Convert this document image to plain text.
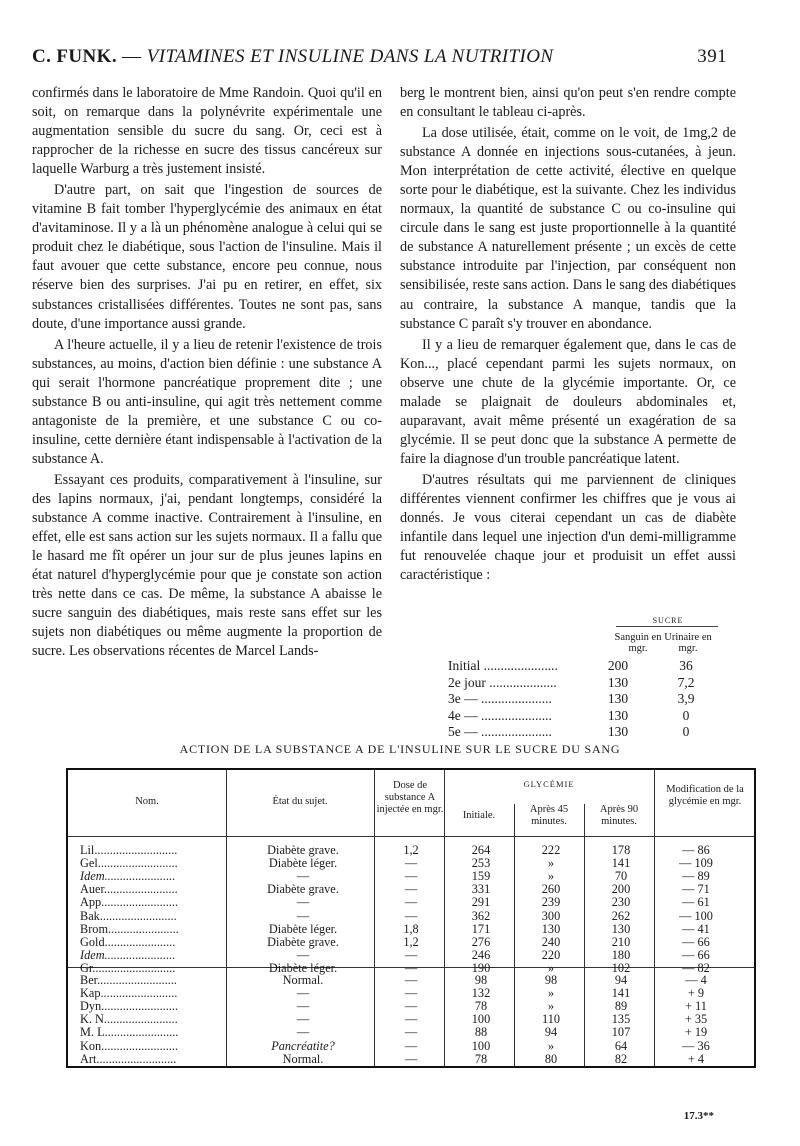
C. FUNK. — VITAMINES ET INSULINE DANS LA NUTRITION	391

confirmés dans le laboratoire de Mme Randoin. Quoi qu'il en soit, on remarque dans la polynévrite expérimentale une augmentation sensible du sucre du sang. Or, ceci est à rapprocher de la richesse en sucre des tissus cancéreux sur laquelle Warburg a très justement insisté.

D'autre part, on sait que l'ingestion de sources de vitamine B fait tomber l'hyperglycémie des animaux en état d'avitaminose. Il y a là un phénomène analogue à celui qui se produit chez le diabétique, sous l'action de l'insuline. Mais il faut avouer que cette substance, encore peu connue, nous réserve bien des surprises. J'ai pu en retirer, en effet, six substances cristallisées différentes. Toutes ne sont pas, sans doute, d'une importance aussi grande.

A l'heure actuelle, il y a lieu de retenir l'existence de trois substances, au moins, d'action bien définie : une substance A qui serait l'hormone pancréatique proprement dite ; une substance B ou anti-insuline, qui agit très nettement comme antagoniste de la première, et une substance C ou co-insuline, cette dernière étant indispensable à l'activation de la substance A.

Essayant ces produits, comparativement à l'insuline, sur des lapins normaux, j'ai, pendant longtemps, considéré la substance A comme inactive. Contrairement à l'insuline, en effet, elle est sans action sur les sujets normaux. Il a fallu que le hasard me fît opérer un jour sur de plus jeunes lapins en état naturel d'hyperglycémie pour que je constate son action très nette dans ce cas. De même, la substance A abaisse le sucre sanguin des diabétiques, mais reste sans effet sur les sujets non diabétiques ou même augmente la proportion de sucre. Les observations récentes de Marcel Lands-

berg le montrent bien, ainsi qu'on peut s'en rendre compte en consultant le tableau ci-après.

La dose utilisée, était, comme on le voit, de 1mg,2 de substance A donnée en injections sous-cutanées, à jeun. Mon interprétation de cette activité, élective en quelque sorte pour le diabétique, est la suivante. Chez les individus normaux, la quantité de substance C ou co-insuline qui circule dans le sang est juste proportionnelle à la quantité de substance A naturellement présente ; un excès de cette substance introduite par l'injection, par conséquent non sensibilisée, reste sans action. Dans le sang des diabétiques au contraire, la substance A manque, tandis que la substance C paraît s'y trouver en abondance.

Il y a lieu de remarquer également que, dans le cas de Kon..., placé cependant parmi les sujets normaux, on observe une chute de la glycémie importante. Or, ce malade se plaignait de douleurs abdominales et, auparavant, avait même présenté un exagération de sa glycémie. Il se peut donc que la substance A permette de faire la diagnose d'un trouble pancréatique latent.

D'autres résultats qui me parviennent de cliniques différentes viennent confirmer les chiffres que je vous ai donnés. Je vous citerai cependant un cas de diabète infantile dans lequel une injection d'un demi-milligramme fut renouvelée chaque jour et produisit un effet aussi caractéristique :

SUCRE
Sanguin en mgr.
Urinaire en mgr.
Initial ......................	200	36
2e jour ....................	130	7,2
3e — .....................	130	3,9
4e — .....................	130	0
5e — .....................	130	0
ACTION DE LA SUBSTANCE A DE L'INSULINE SUR LE SUCRE DU SANG
Nom.	État du sujet.
Dose de substance A injectée en mgr.
GLYCÉMIE
Initiale.
Après 45 minutes.
Après 90 minutes.
Modification de la glycémie en mgr.
Lil...........................	Diabète grave.	1,2	264	222	178	— 86
Gel..........................	Diabète léger.	—	253	»	141	— 109
Idem.......................	—	—	159	»	70	— 89
Auer........................	Diabète grave.	—	331	260	200	— 71
App.........................	—	—	291	239	230	— 61
Bak.........................	—	—	362	300	262	— 100
Brom.......................	Diabète léger.	1,8	171	130	130	— 41
Gold.......................	Diabète grave.	1,2	276	240	210	— 66
Idem.......................	—	—	246	220	180	— 66
Gr...........................	Diabète léger.	—	190	»	102	— 82
Ber..........................	Normal.	—	98	98	94	— 4
Kap.........................	—	—	132	»	141	+ 9
Dyn.........................	—	—	78	»	89	+ 11
K. N........................	—	—	100	110	135	+ 35
M. L........................	—	—	88	94	107	+ 19
Kon.........................	Pancréatite?	—	100	»	64	— 36
Art..........................	Normal.	—	78	80	82	+ 4
17.3**
